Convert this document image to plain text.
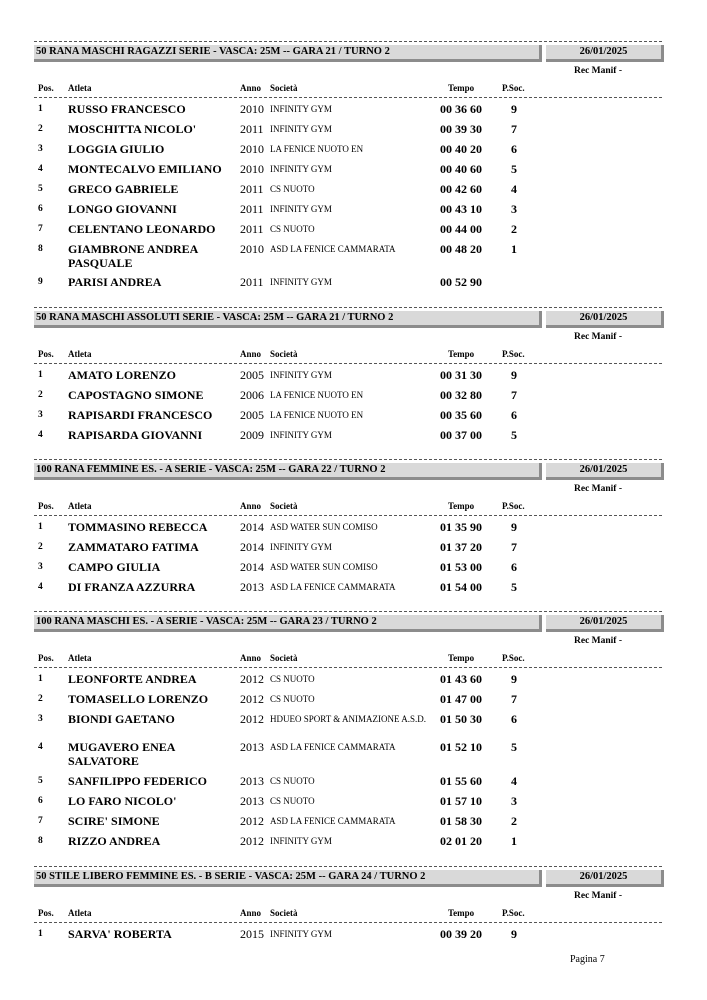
50 RANA MASCHI RAGAZZI SERIE - VASCA: 25M -- GARA 21 / TURNO 2	26/01/2025
Rec Manif -
Pos. Atleta	Anno Società	Tempo	P.Soc.
1 RUSSO FRANCESCO	2010 INFINITY GYM	00 36 60 9
2 MOSCHITTA NICOLO'	2011 INFINITY GYM	00 39 30 7
3 LOGGIA GIULIO	2010 LA FENICE NUOTO EN	00 40 20 6
4 MONTECALVO EMILIANO	2010 INFINITY GYM	00 40 60 5
5 GRECO GABRIELE	2011 CS NUOTO	00 42 60 4
6 LONGO GIOVANNI	2011 INFINITY GYM	00 43 10 3
7 CELENTANO LEONARDO	2011 CS NUOTO	00 44 00 2
8 GIAMBRONE ANDREA PASQUALE
2010 ASD LA FENICE CAMMARATA	00 48 20 1
9 PARISI ANDREA	2011 INFINITY GYM	00 52 90
50 RANA MASCHI ASSOLUTI SERIE - VASCA: 25M -- GARA 21 / TURNO 2	26/01/2025
Rec Manif -
Pos. Atleta	Anno Società	Tempo	P.Soc.
1 AMATO LORENZO	2005 INFINITY GYM	00 31 30 9
2 CAPOSTAGNO SIMONE	2006 LA FENICE NUOTO EN	00 32 80 7
3 RAPISARDI FRANCESCO	2005 LA FENICE NUOTO EN	00 35 60 6
4 RAPISARDA GIOVANNI	2009 INFINITY GYM	00 37 00 5
100 RANA FEMMINE ES. - A SERIE - VASCA: 25M -- GARA 22 / TURNO 2	26/01/2025
Rec Manif -
Pos. Atleta	Anno Società	Tempo	P.Soc.
1 TOMMASINO REBECCA	2014 ASD WATER SUN COMISO	01 35 90 9
2 ZAMMATARO FATIMA	2014 INFINITY GYM	01 37 20 7
3 CAMPO GIULIA	2014 ASD WATER SUN COMISO	01 53 00 6
4 DI FRANZA AZZURRA	2013 ASD LA FENICE CAMMARATA	01 54 00 5
100 RANA MASCHI ES. - A SERIE - VASCA: 25M -- GARA 23 / TURNO 2	26/01/2025
Rec Manif -
Pos. Atleta	Anno Società	Tempo	P.Soc.
1 LEONFORTE ANDREA	2012 CS NUOTO	01 43 60 9
2 TOMASELLO LORENZO	2012 CS NUOTO	01 47 00 7
3 BIONDI GAETANO	2012 HDUEO SPORT & ANIMAZIONE A.S.D.	01 50 30 6
4 MUGAVERO ENEA SALVATORE
2013 ASD LA FENICE CAMMARATA	01 52 10 5
5 SANFILIPPO FEDERICO	2013 CS NUOTO	01 55 60 4
6 LO FARO NICOLO'	2013 CS NUOTO	01 57 10 3
7 SCIRE' SIMONE	2012 ASD LA FENICE CAMMARATA	01 58 30 2
8 RIZZO ANDREA	2012 INFINITY GYM	02 01 20 1
50 STILE LIBERO FEMMINE ES. - B SERIE - VASCA: 25M -- GARA 24 / TURNO 2	26/01/2025
Rec Manif -
Pos. Atleta	Anno Società	Tempo	P.Soc.
1 SARVA' ROBERTA	2015 INFINITY GYM	00 39 20 9
Pagina 7
